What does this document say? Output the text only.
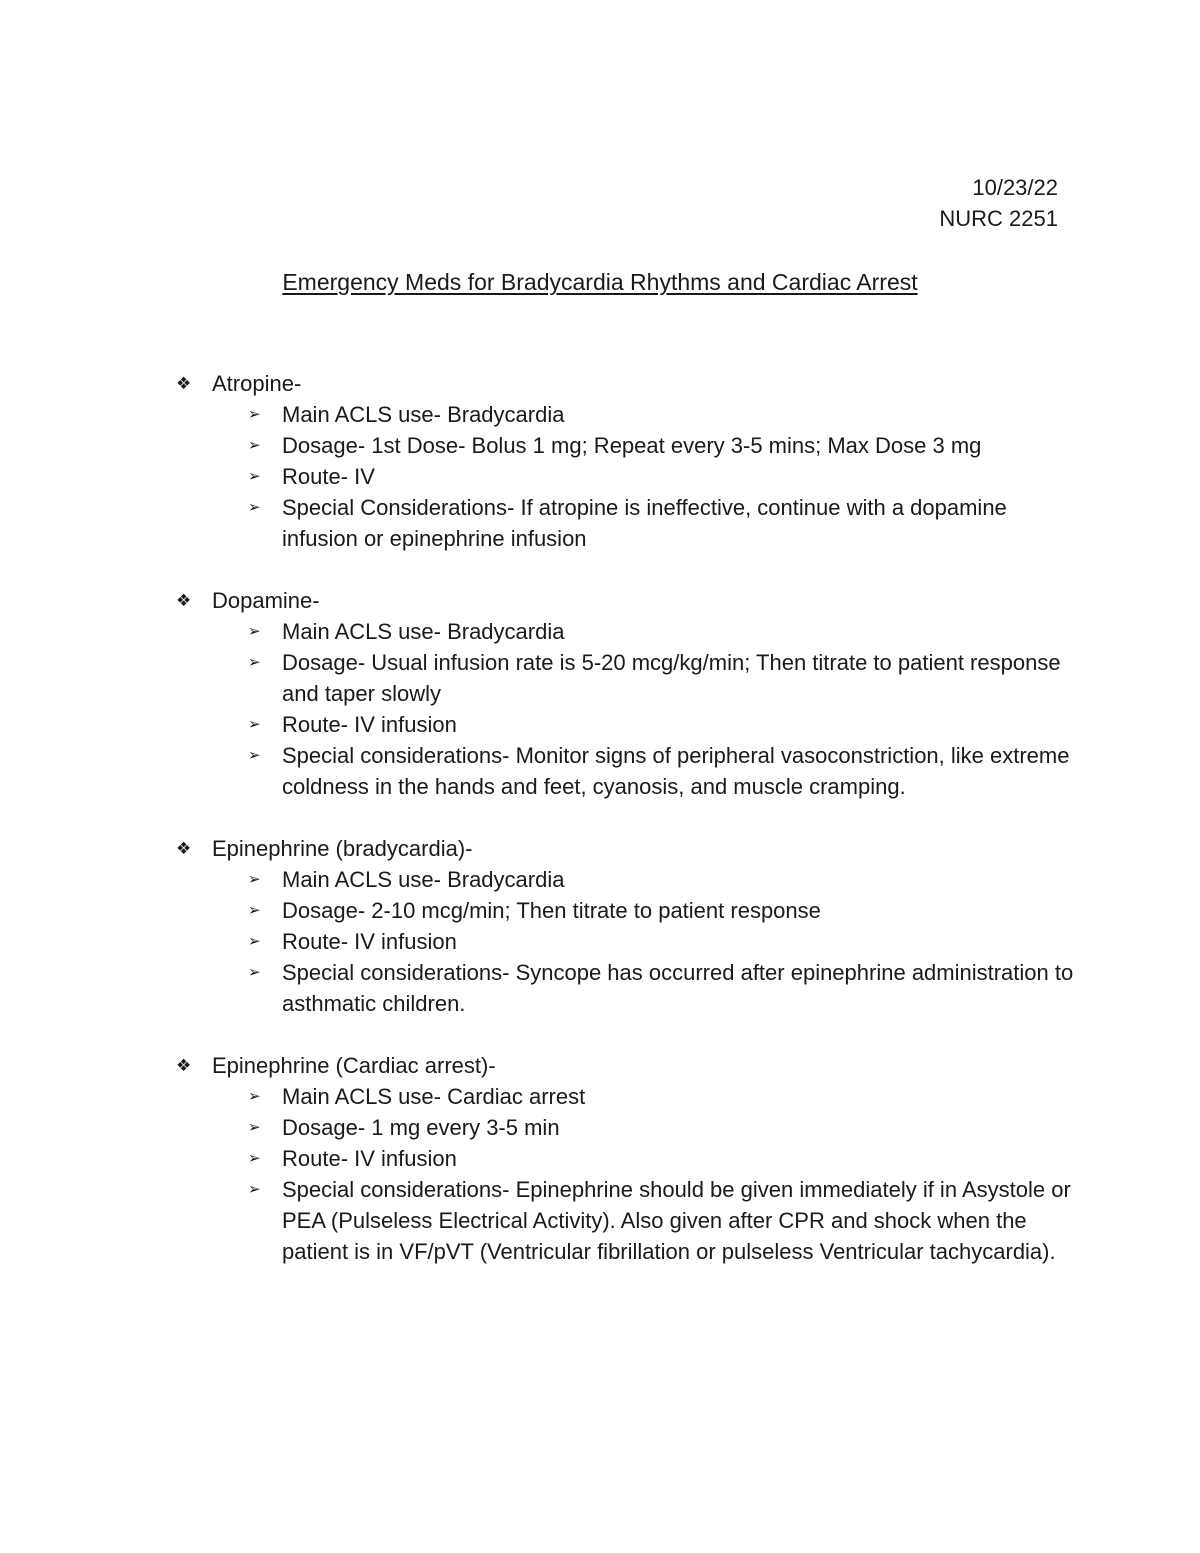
10/23/22
NURC 2251
Emergency Meds for Bradycardia Rhythms and Cardiac Arrest
❖ Atropine-
➢ Main ACLS use- Bradycardia
➢ Dosage- 1st Dose- Bolus 1 mg; Repeat every 3-5 mins; Max Dose 3 mg
➢ Route- IV
➢ Special Considerations- If atropine is ineffective, continue with a dopamine infusion or epinephrine infusion
❖ Dopamine-
➢ Main ACLS use- Bradycardia
➢ Dosage- Usual infusion rate is 5-20 mcg/kg/min; Then titrate to patient response and taper slowly
➢ Route- IV infusion
➢ Special considerations- Monitor signs of peripheral vasoconstriction, like extreme coldness in the hands and feet, cyanosis, and muscle cramping.
❖ Epinephrine (bradycardia)-
➢ Main ACLS use- Bradycardia
➢ Dosage- 2-10 mcg/min; Then titrate to patient response
➢ Route- IV infusion
➢ Special considerations- Syncope has occurred after epinephrine administration to asthmatic children.
❖ Epinephrine (Cardiac arrest)-
➢ Main ACLS use- Cardiac arrest
➢ Dosage- 1 mg every 3-5 min
➢ Route- IV infusion
➢ Special considerations- Epinephrine should be given immediately if in Asystole or PEA (Pulseless Electrical Activity). Also given after CPR and shock when the patient is in VF/pVT (Ventricular fibrillation or pulseless Ventricular tachycardia).
